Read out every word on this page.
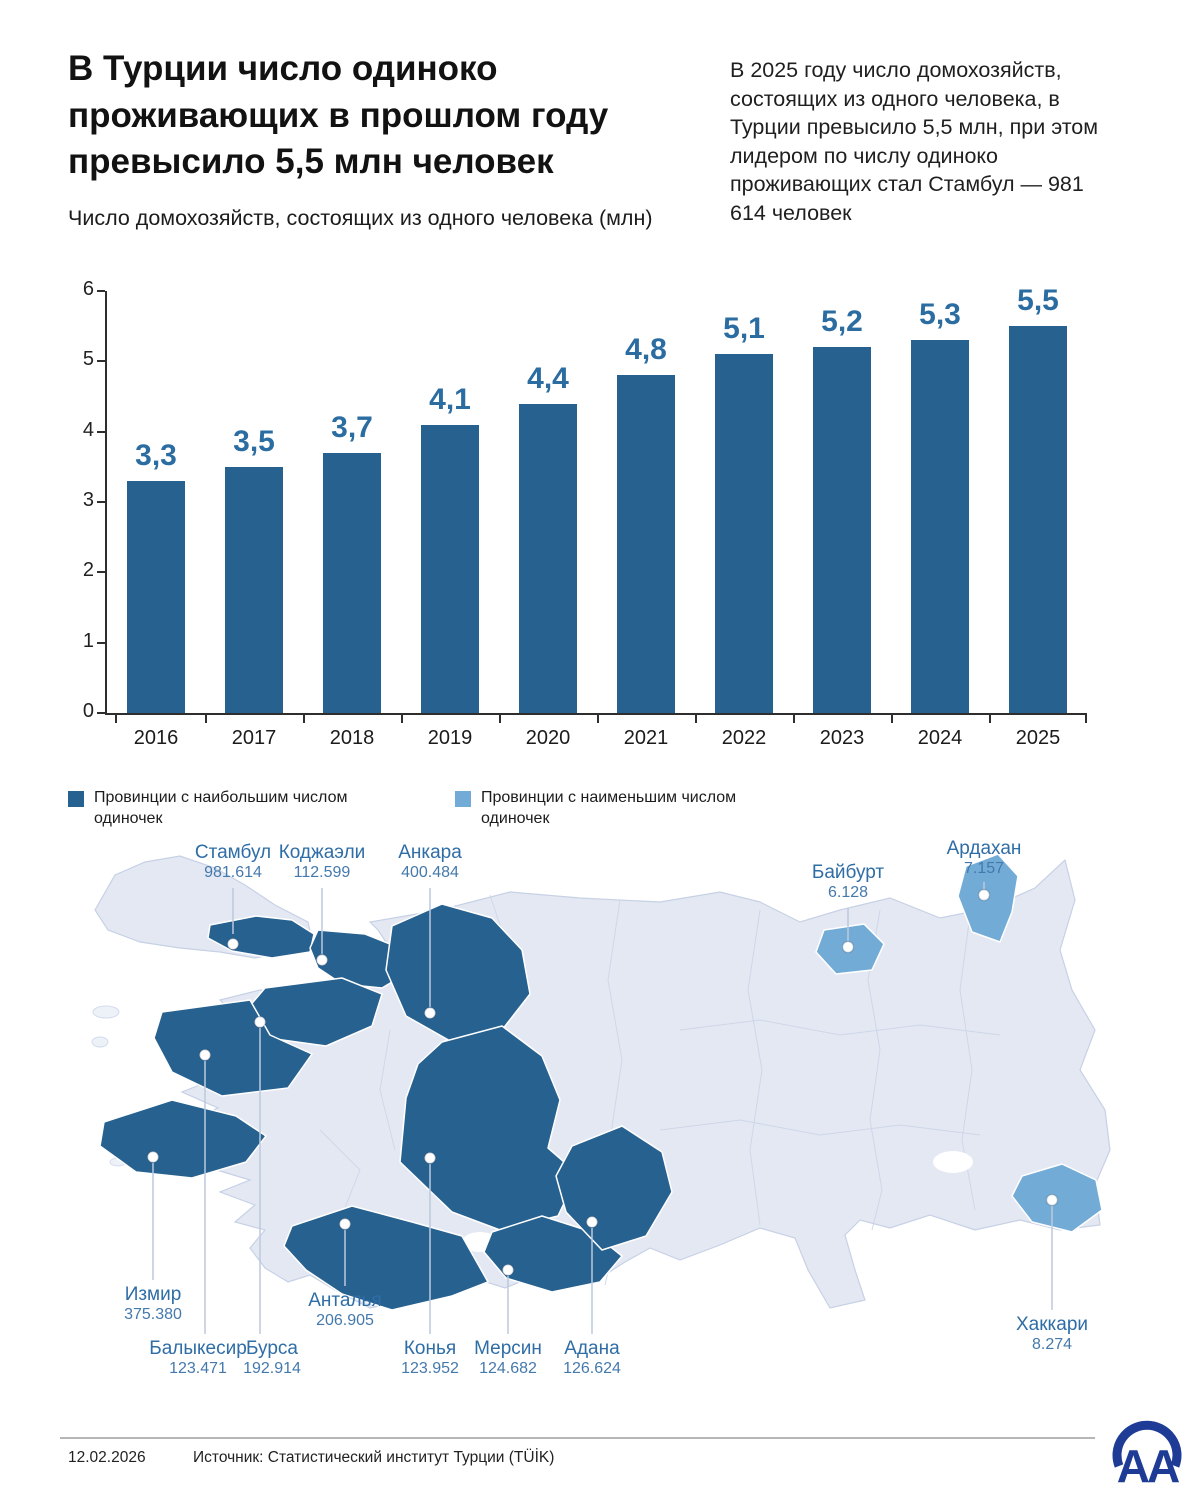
В Турции число одиноко проживающих в прошлом году превысило 5,5 млн человек
В 2025 году число домохозяйств, состоящих из одного человека, в Турции превысило 5,5 млн, при этом лидером по числу одиноко проживающих стал Стамбул — 981 614 человек
Число домохозяйств, состоящих из одного человека (млн)
3,3
2016
3,5
2017
3,7
2018
4,1
2019
4,4
2020
4,8
2021
5,1
2022
5,2
2023
5,3
2024
5,5
2025
0
1
2
3
4
5
6
Провинции с наибольшим числом одиночек
Провинции с наименьшим числом одиночек
Стамбул
981.614
Коджаэли
112.599
Анкара
400.484	Байбурт
6.128
Ардахан
7.157
Измир
375.380
Балыкесир
123.471
Бурса
192.914
Анталья
206.905
Конья
123.952
Мерсин
124.682
Адана
126.624
Хаккари
8.274
12.02.2026	Источник: Статистический институт Турции (TÜİK)	AA
